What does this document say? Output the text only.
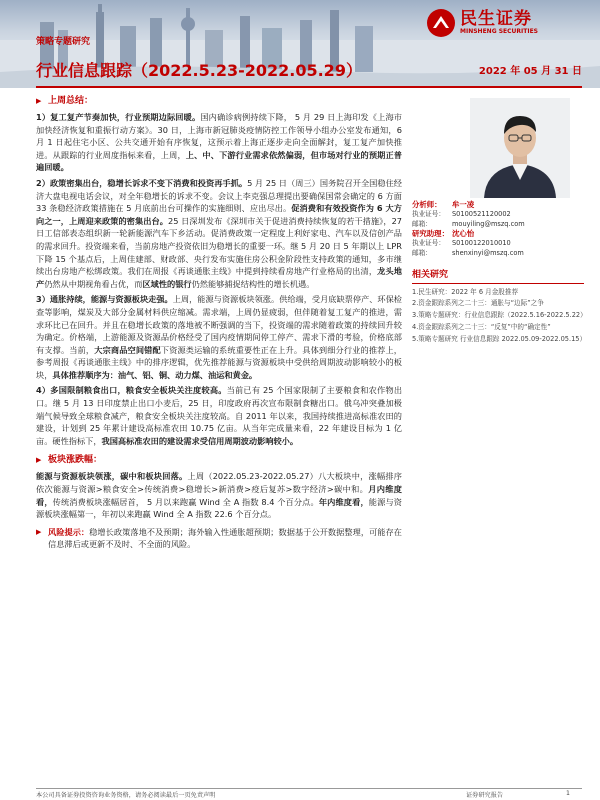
民生证券
MINSHENG SECURITIES
策略专题研究
行业信息跟踪（2022.5.23-2022.05.29）	2022 年 05 月 31 日
▶ 上周总结：
1）复工复产节奏加快，行业预期边际回暖。国内确诊病例持续下降， 5 月 29 日上海印发《上海市加快经济恢复和重振行动方案》。30 日，上海市新冠肺炎疫情防控工作领导小组办公室发布通知，6 月 1 日起住宅小区、公共交通开始有序恢复，这预示着上海正逐步走向全面解封，复工复产加快推进。从跟踪的行业周度指标来看，上周，上、中、下游行业需求依然偏弱，但市场对行业的预期正普遍回暖。
2）政策密集出台，稳增长诉求不变下消费和投资再手抓。5 月 25 日（周三）国务院召开全国稳住经济大盘电视电话会议，对全年稳增长的诉求不变。会议上李克强总理提出要确保国常会确定的 6 方面 33 条稳经济政策措施在 5 月底前出台可操作的实施细则、应出尽出。促消费和有效投资作为 6 大方向之一，上周迎来政策的密集出台。25 日深圳发布《深圳市关于促进消费持续恢复的若干措施》，27 日工信部表态组织新一轮新能源汽车下乡活动。促消费政策一定程度上利好家电、汽车以及信创产品的需求回升。投资端来看，当前房地产投资依旧为稳增长的重要一环。继 5 月 20 日 5 年期以上 LPR 下降 15 个基点后，上周佳建部、财政部、央行发布实施住房公积金阶段性支持政策的通知，多市继续出台房地产松绑政策。我们在周报《再谈通胀主线》中提到持续看房地产行业格局的出清，龙头地产仍然从中期视角看占优，而区域性的银行仍然能够捕捉结构性的增长机遇。
3）通胀持续，能源与资源板块走强。上周，能源与资源板块领涨。供给端，受月底缺票停产、环保检查等影响，煤炭及大部分金属材料供应缩减。需求端，上周仍显疲弱，但伴随着复工复产的推进，需求环比已在回升。并且在稳增长政策的落地被不断强调的当下，投资端的需求随着政策的持续回升较为确定。价格端，上游能源及资源品价格经受了国内疫情期间停工停产、需求下滑的考验，价格底部有支撑。当前，大宗商品空间错配下资源类运输的系统重要性正在上升。具体到细分行业的推荐上，参考周报《再谈通胀主线》中的排序逻辑，优先推荐能源与资源板块中受供给周期波动影响较小的板块，具体推荐顺序为：油气、铝、铜、动力煤、油运和黄金。
4）多国限制粮食出口，粮食安全板块关注度较高。当前已有 25 个国家限制了主要粮食和农作物出口。继 5 月 13 日印度禁止出口小麦后，25 日，印度政府再次宣布限制食糖出口。俄乌冲突叠加极端气候导致全球粮食减产，粮食安全板块关注度较高。自 2011 年以来，我国持续推进高标准农田的建设，计划到 25 年累计建设高标准农田 10.75 亿亩。从当年完成量来看，22 年建设目标为 1 亿亩。硬性指标下，我国高标准农田的建设需求受信用周期波动影响较小。
▶ 板块涨跌幅：
能源与资源板块领涨，碳中和板块回落。上周（2022.05.23-2022.05.27）八大板块中，涨幅排序依次能源与资源>粮食安全>传统消费>稳增长>新消费>疫后复苏>数字经济>碳中和。月内维度看，传统消费板块涨幅居首， 5 月以来跑赢 Wind 全 A 指数 8.4 个百分点。年内维度看，能源与资源板块涨幅第一，年初以来跑赢 Wind 全 A 指数 22.6 个百分点。
▶ 风险提示：稳增长政策落地不及预期；海外输入性通胀超预期；数据基于公开数据整理，可能存在信息滞后或更新不及时、不全面的风险。
分析师：	牟一凌
执业证号：	S0100521120002
邮箱：	mouyiling@mszq.com
研究助理： 沈心怡
执业证号：	S0100122010010
邮箱：	shenxinyi@mszq.com
相关研究
1.民生研究：2022 年 6 月金股推荐
2.资金跟踪系列之二十三：通胀与“边际”之争
3.策略专题研究：行业信息跟踪（2022.5.16-2022.5.22）
4.资金跟踪系列之二十三：“反复”中的“确定性”
5.策略专题研究 行业信息跟踪 2022.05.09-2022.05.15）
本公司具备证券投资咨询业务资格，请务必阅读最后一页免责声明	证券研究报告	1
